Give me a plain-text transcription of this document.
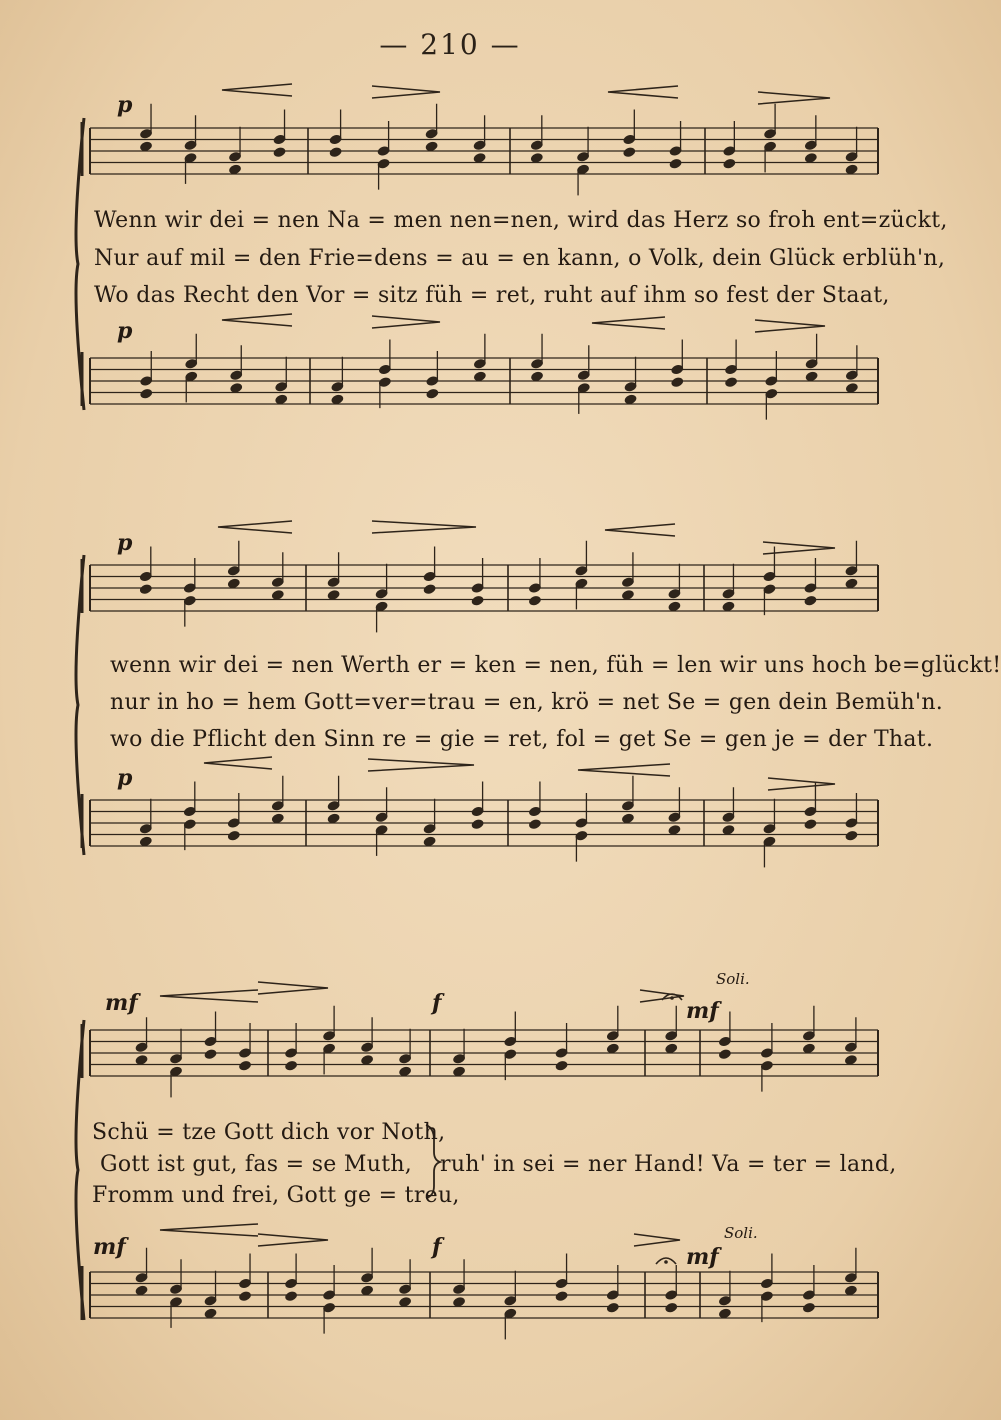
— 210 —
p
p
Wenn wir dei = nen Na = men nen=nen, wird das Herz so froh ent=zückt,
Nur auf mil = den Frie=dens = au = en kann, o Volk, dein Glück erblüh'n,
Wo das Recht den Vor = sitz füh = ret, ruht auf ihm so fest der Staat,
p
p
wenn wir dei = nen Werth er = ken = nen, füh = len wir uns hoch be=glückt!
nur in ho = hem Gott=ver=trau = en, krö = net Se = gen dein Bemüh'n.
wo die Pflicht den Sinn re = gie = ret, fol = get Se = gen je = der That.
mf	f	mf
Soli.
mf	f	mf
Soli.
Schü = tze Gott dich vor Noth,
Gott ist gut, fas = se Muth,
Fromm und frei, Gott ge = treu,
ruh' in sei = ner Hand! Va = ter = land,
